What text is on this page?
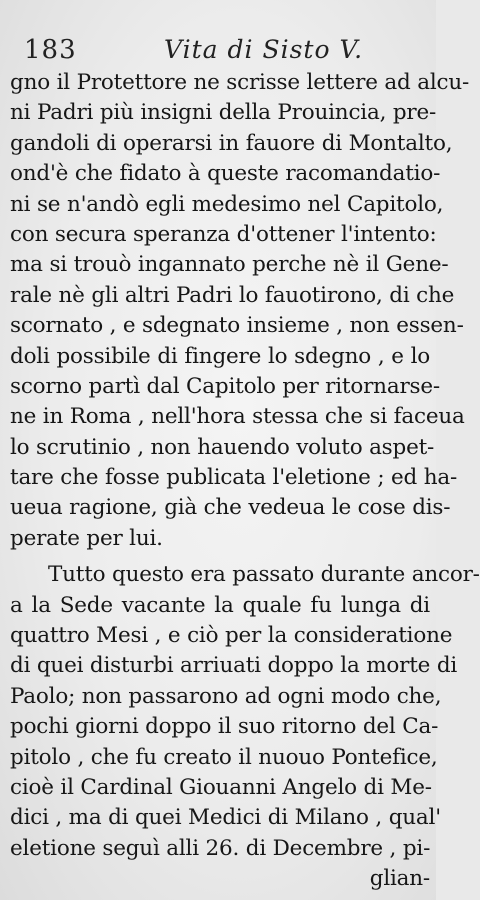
183	Vita di Sisto V.
gno il Protettore ne scrisse lettere ad alcu-
ni Padri più insigni della Prouincia, pre-
gandoli di operarsi in fauore di Montalto,
ond'è che fidato à queste racomandatio-
ni se n'andò egli medesimo nel Capitolo,
con secura speranza d'ottener l'intento:
ma si trouò ingannato perche nè il Gene-
rale nè gli altri Padri lo fauotirono, di che
scornato , e sdegnato insieme , non essen-
doli possibile di fingere lo sdegno , e lo
scorno partì dal Capitolo per ritornarse-
ne in Roma , nell'hora stessa che si faceua
lo scrutinio , non hauendo voluto aspet-
tare che fosse publicata l'eletione ; ed ha-
ueua ragione, già che vedeua le cose dis-
perate per lui.
Tutto questo era passato durante ancor-
a la Sede vacante la quale fu lunga di
quattro Mesi , e ciò per la consideratione
di quei disturbi arriuati doppo la morte di
Paolo; non passarono ad ogni modo che,
pochi giorni doppo il suo ritorno del Ca-
pitolo , che fu creato il nuouo Pontefice,
cioè il Cardinal Giouanni Angelo di Me-
dici , ma di quei Medici di Milano , qual'
eletione seguì alli 26. di Decembre , pi-
glian-
